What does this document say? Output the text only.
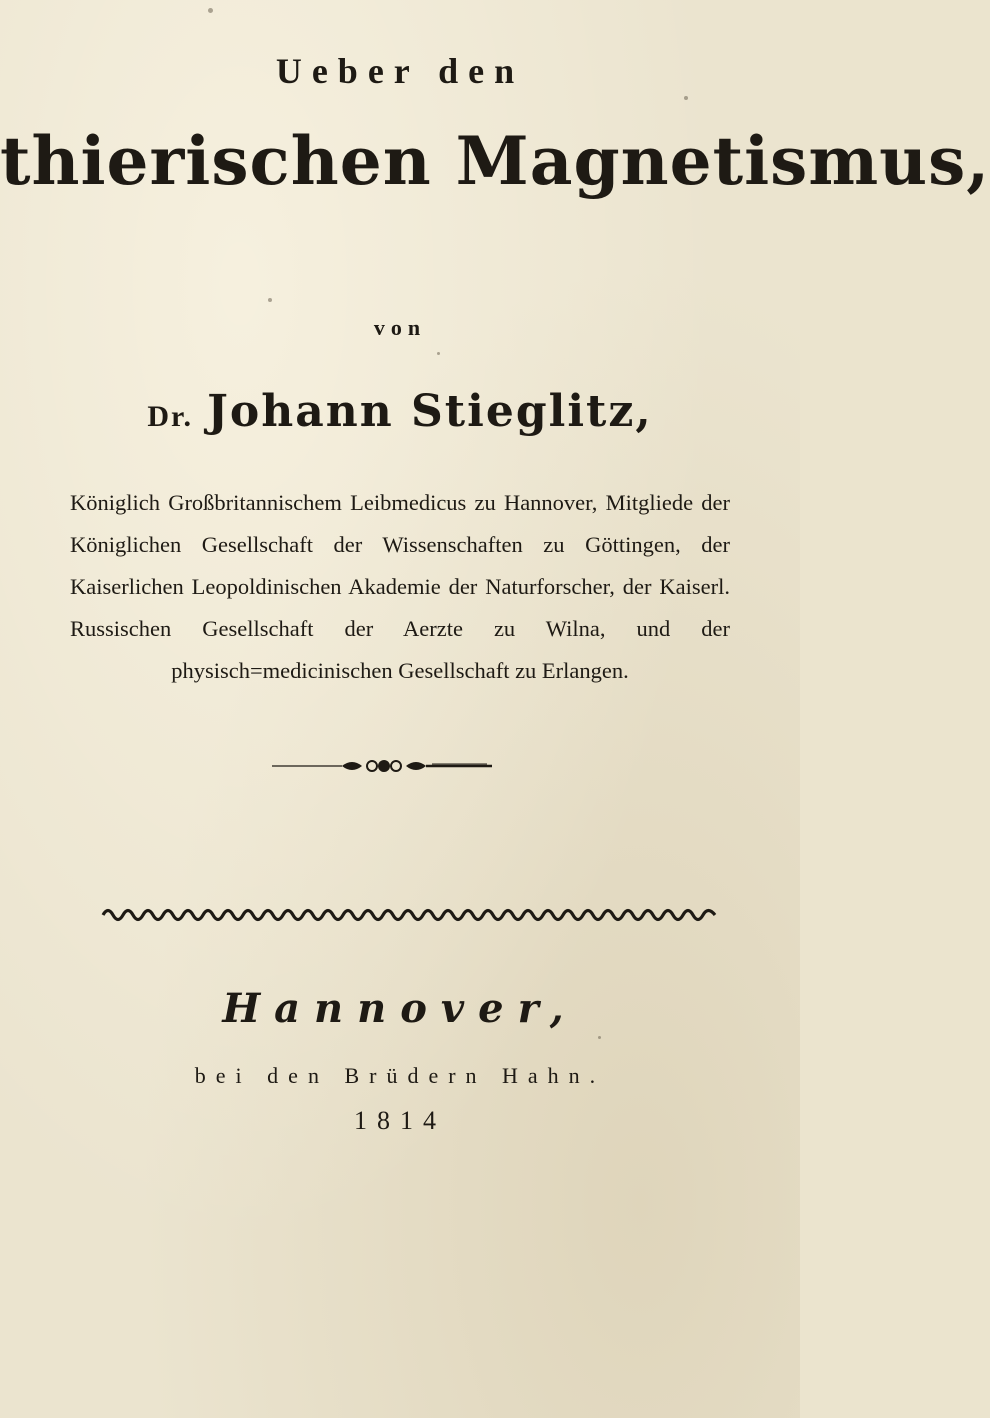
Ueber den
thierischen Magnetismus,
von
Dr. Johann Stieglitz,
Königlich Großbritannischem Leibmedicus zu Hannover, Mitgliede der Königlichen Gesellschaft der Wissenschaften zu Göttingen, der Kaiserlichen Leopoldinischen Akademie der Naturforscher, der Kaiserl. Russischen Gesellschaft der Aerzte zu Wilna, und der physisch=medicinischen Gesellschaft zu Erlangen.
Hannover,
bei den Brüdern Hahn.
1814
